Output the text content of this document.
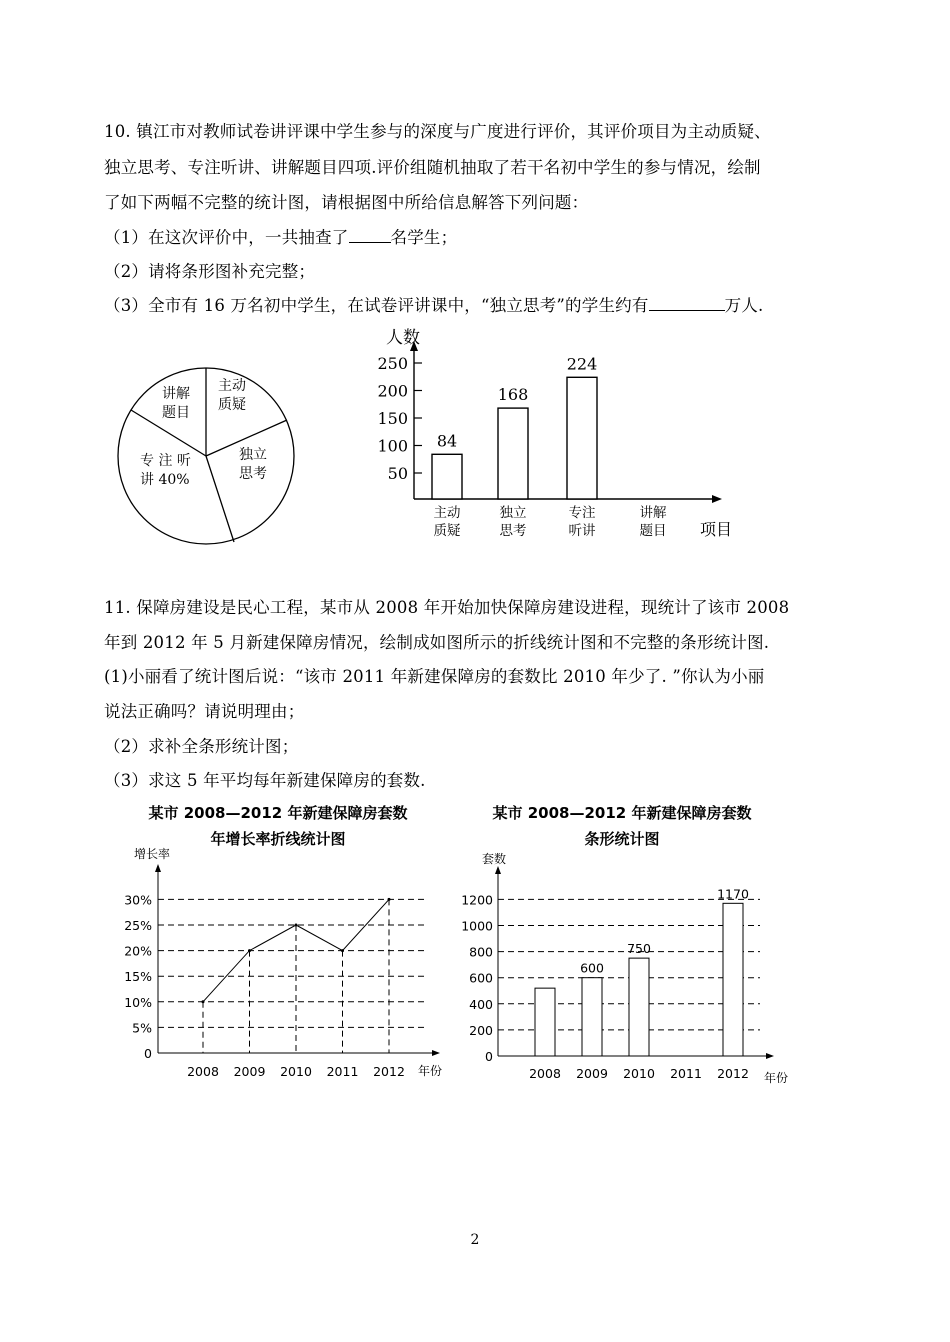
10. 镇江市对教师试卷讲评课中学生参与的深度与广度进行评价，其评价项目为主动质疑、
独立思考、专注听讲、讲解题目四项.评价组随机抽取了若干名初中学生的参与情况，绘制
了如下两幅不完整的统计图，请根据图中所给信息解答下列问题：
（1）在这次评价中，一共抽查了	名学生；
（2）请将条形图补充完整；
（3）全市有 16 万名初中学生，在试卷评讲课中，“独立思考”的学生约有	万人.
主动
质疑
独立
思考
专 注 听
讲 40%
讲解
题目
人数
项目
50
100
150
200
250
84
主动
质疑
168
独立
思考
224
专注
听讲
讲解
题目
11. 保障房建设是民心工程，某市从 2008 年开始加快保障房建设进程，现统计了该市 2008
年到 2012 年 5 月新建保障房情况，绘制成如图所示的折线统计图和不完整的条形统计图.
(1)小丽看了统计图后说：“该市 2011 年新建保障房的套数比 2010 年少了. ”你认为小丽
说法正确吗？请说明理由；
（2）求补全条形统计图；
（3）求这 5 年平均每年新建保障房的套数.
某市 2008—2012 年新建保障房套数
年增长率折线统计图
增长率
0
5%
10%
15%
20%
25%
30%
2008 2009 2010 2011 2012 年份
某市 2008—2012 年新建保障房套数
条形统计图
套数
0
200
400
600
800
1000
1200
2008
600
2009
750
2010 2011
1170
2012 年份
2
